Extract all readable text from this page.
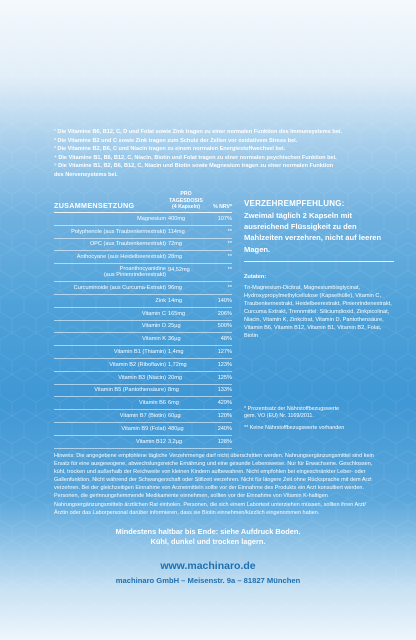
¹ Die Vitamine B6, B12, C, D und Folat sowie Zink tragen zu einer normalen Funktion des Immunsystems bei.
² Die Vitamine B2 und C sowie Zink tragen zum Schutz der Zellen vor oxidativem Stress bei.
³ Die Vitamine B2, B6, C und Niacin tragen zu einem normalen Energiestoffwechsel bei.
⁴ Die Vitamine B1, B6, B12, C, Niacin, Biotin und Folat tragen zu einer normalen psychischen Funktion bei.
⁵ Die Vitamine B1, B2, B6, B12, C, Niacin und Biotin sowie Magnesium tragen zu einer normalen Funktion
des Nervensystems bei.
ZUSAMMENSETZUNG
PRO
TAGESDOSIS
(4 Kapseln)	% NRV*
Magnesium 400mg	107%
Polyphenole (aus Traubenkernextrakt) 114mg	**
OPC (aus Traubenkernextrakt) 72mg	**
Anthocyane (aus Heidelbeerextrakt) 28mg	**
Proanthocyanidine
(aus Pinienrindenextrakt)
94,52mg	**
Curcuminoide (aus Curcuma-Extrakt) 96mg	**
Zink 14mg	140%
Vitamin C 165mg	206%
Vitamin D 25µg	500%
Vitamin K 36µg	48%
Vitamin B1 (Thiamin) 1,4mg	127%
Vitamin B2 (Riboflavin) 1,72mg	123%
Vitamin B3 (Niacin) 20mg	125%
Vitamin B5 (Pantothensäure) 8mg	133%
Vitamin B6 6mg	429%
Vitamin B7 (Biotin) 60µg	120%
Vitamin B9 (Folat) 480µg	240%
Vitamin B12 3,2µg	128%
VERZEHREMPFEHLUNG:
Zweimal täglich 2 Kapseln mit ausreichend Flüssigkeit zu den Mahlzeiten verzehren, nicht auf leeren Magen.
Zutaten:
Tri-Magnesium-Dicitrat, Magnesiumbisglycinat, Hydroxypropylmethylcellulose (Kapselhülle), Vitamin C, Traubenkernextrakt, Heidelbeerextrakt, Pinienrindenextrakt, Curcuma Extrakt, Trennmittel: Siliciumdioxid, Zinkpicolinat, Niacin, Vitamin K, Zinkcitrat, Vitamin D, Pantothensäure, Vitamin B6, Vitamin B12, Vitamin B1, Vitamin B2, Folat, Biotin
* Prozentsatz der Nährstoffbezugswerte
gem. VO (EU) Nr. 1169/2011.
** Keine Nährstoffbezugswerte vorhanden
Hinweis: Die angegebene empfohlene tägliche Verzehrmenge darf nicht überschritten werden. Nahrungsergänzungsmittel sind kein Ersatz für eine ausgewogene, abwechslungsreiche Ernährung und eine gesunde Lebensweise. Nur für Erwachsene. Geschlossen, kühl, trocken und außerhalb der Reichweite von kleinen Kindern aufbewahren. Nicht empfohlen bei eingeschränkter Leber- oder Gallenfunktion. Nicht während der Schwangerschaft oder Stillzeit verzehren. Nicht für längere Zeit ohne Rücksprache mit dem Arzt verzehren. Bei der gleichzeitigen Einnahme von Arzneimitteln sollte vor der Einnahme des Produkts ein Arzt konsultiert werden. Personen, die gerinnungshemmende Medikamente einnehmen, sollten vor der Einnahme von Vitamin K-haltigen Nahrungsergänzungsmitteln ärztlichen Rat einholen. Personen, die sich einem Labortest unterziehen müssen, sollten ihren Arzt/Ärztin oder das Laborpersonal darüber informieren, dass sie Biotin einnehmen/kürzlich eingenommen haben.
Mindestens haltbar bis Ende: siehe Aufdruck Boden.
Kühl, dunkel und trocken lagern.
www.machinaro.de
machinaro GmbH – Meisenstr. 9a – 81827 München
